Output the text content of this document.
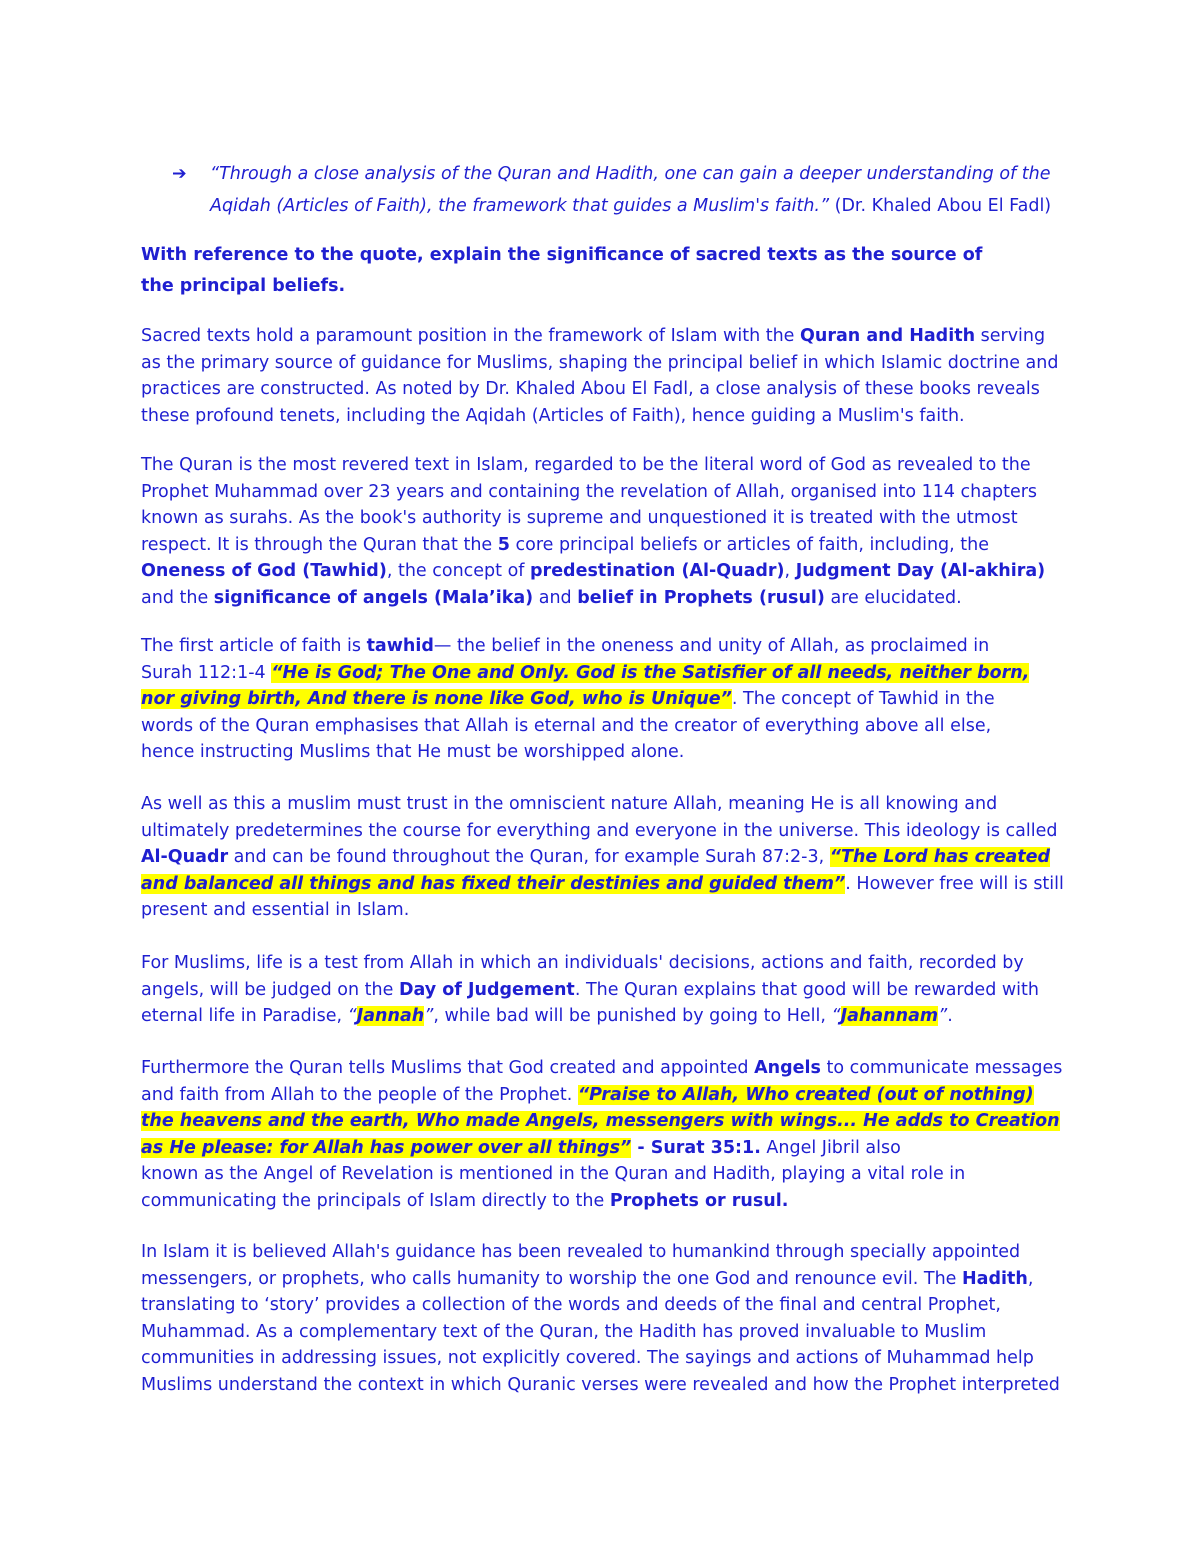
➔ “Through a close analysis of the Quran and Hadith, one can gain a deeper understanding of the
Aqidah (Articles of Faith), the framework that guides a Muslim's faith.” (Dr. Khaled Abou El Fadl)

With reference to the quote, explain the significance of sacred texts as the source of the principal beliefs.

Sacred texts hold a paramount position in the framework of Islam with the Quran and Hadith serving as the primary source of guidance for Muslims, shaping the principal belief in which Islamic doctrine and practices are constructed. As noted by Dr. Khaled Abou El Fadl, a close analysis of these books reveals these profound tenets, including the Aqidah (Articles of Faith), hence guiding a Muslim's faith.

The Quran is the most revered text in Islam, regarded to be the literal word of God as revealed to the Prophet Muhammad over 23 years and containing the revelation of Allah, organised into 114 chapters known as surahs. As the book's authority is supreme and unquestioned it is treated with the utmost respect. It is through the Quran that the 5 core principal beliefs or articles of faith, including, the Oneness of God (Tawhid), the concept of predestination (Al-Quadr), Judgment Day (Al-akhira) and the significance of angels (Mala’ika) and belief in Prophets (rusul) are elucidated.

The first article of faith is tawhid— the belief in the oneness and unity of Allah, as proclaimed in
Surah 112:1-4 “He is God; The One and Only. God is the Satisfier of all needs, neither born, nor giving birth, And there is none like God, who is Unique”. The concept of Tawhid in the words of the Quran emphasises that Allah is eternal and the creator of everything above all else, hence instructing Muslims that He must be worshipped alone.

As well as this a muslim must trust in the omniscient nature Allah, meaning He is all knowing and ultimately predetermines the course for everything and everyone in the universe. This ideology is called Al-Quadr and can be found throughout the Quran, for example Surah 87:2-3, “The Lord has created and balanced all things and has fixed their destinies and guided them”. However free will is still present and essential in Islam.

For Muslims, life is a test from Allah in which an individuals' decisions, actions and faith, recorded by angels, will be judged on the Day of Judgement. The Quran explains that good will be rewarded with eternal life in Paradise, “Jannah”, while bad will be punished by going to Hell, “Jahannam”.

Furthermore the Quran tells Muslims that God created and appointed Angels to communicate messages and faith from Allah to the people of the Prophet. “Praise to Allah, Who created (out of nothing) the heavens and the earth, Who made Angels, messengers with wings... He adds to Creation as He please: for Allah has power over all things” - Surat 35:1. Angel Jibril also
known as the Angel of Revelation is mentioned in the Quran and Hadith, playing a vital role in communicating the principals of Islam directly to the Prophets or rusul.

In Islam it is believed Allah's guidance has been revealed to humankind through specially appointed messengers, or prophets, who calls humanity to worship the one God and renounce evil. The Hadith, translating to ‘story’ provides a collection of the words and deeds of the final and central Prophet, Muhammad. As a complementary text of the Quran, the Hadith has proved invaluable to Muslim communities in addressing issues, not explicitly covered. The sayings and actions of Muhammad help Muslims understand the context in which Quranic verses were revealed and how the Prophet interpreted
